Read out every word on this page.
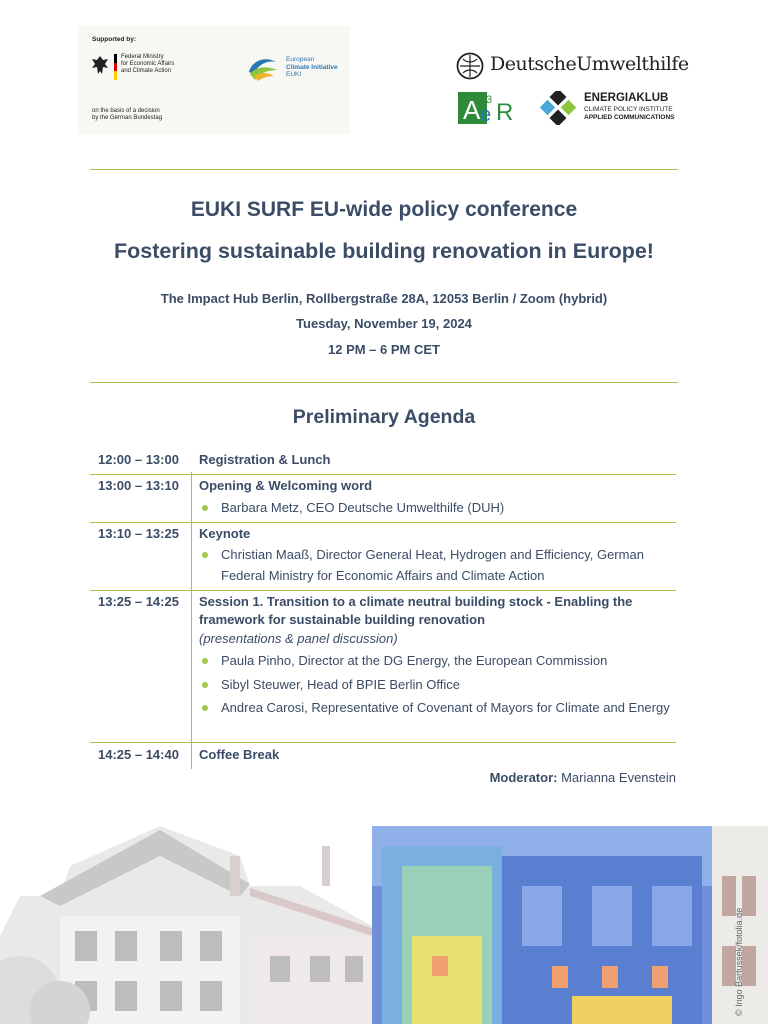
Supported by:
Federal Ministry
for Economic Affairs
and Climate Action
on the basis of a decision
by the German Bundestag
European
Climate Initiative
EUKI	DeutscheUmwelthilfe
A 3
e R
ENERGIAKLUB
CLIMATE POLICY INSTITUTE
APPLIED COMMUNICATIONS
EUKI SURF EU-wide policy conference
Fostering sustainable building renovation in Europe!
The Impact Hub Berlin, Rollbergstraße 28A, 12053 Berlin / Zoom (hybrid)
Tuesday, November 19, 2024
12 PM – 6 PM CET
Preliminary Agenda
12:00 – 13:00 Registration & Lunch
13:00 – 13:10 Opening & Welcoming word
Barbara Metz, CEO Deutsche Umwelthilfe (DUH)
13:10 – 13:25 Keynote
Christian Maaß, Director General Heat, Hydrogen and Efficiency, German Federal Ministry for Economic Affairs and Climate Action
13:25 – 14:25 Session 1. Transition to a climate neutral building stock - Enabling the framework for sustainable building renovation
(presentations & panel discussion)
Paula Pinho, Director at the DG Energy, the European Commission
Sibyl Steuwer, Head of BPIE Berlin Office
Andrea Carosi, Representative of Covenant of Mayors for Climate and Energy
14:25 – 14:40 Coffee Break
Moderator: Marianna Evenstein
© Ingo Bartussek/fotolia.de
